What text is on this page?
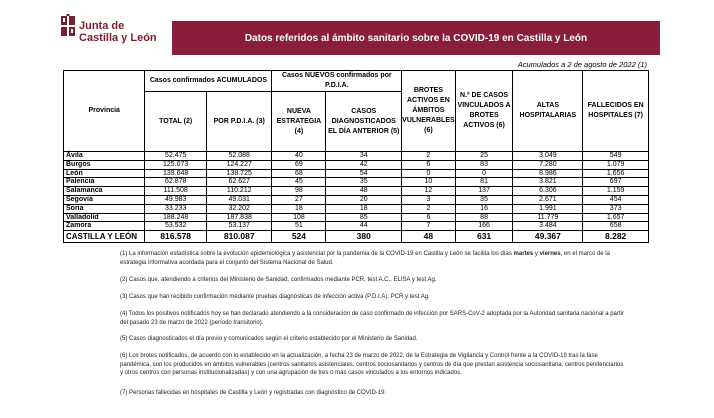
Junta de
Castilla y León	Datos referidos al ámbito sanitario sobre la COVID-19 en Castilla y León
Acumulados a 2 de agosto de 2022 (1)
Provincia	Casos confirmados ACUMULADOS		Casos NUEVOS confirmados por P.D.I.A.		BROTES ACTIVOS EN ÁMBITOS VULNERABLES (6)	N.º DE CASOS VINCULADOS A BROTES ACTIVOS (6)	ALTAS HOSPITALARIAS	FALLECIDOS EN HOSPITALES (7)
	TOTAL (2)	POR P.D.I.A. (3)	NUEVA ESTRATEGIA (4)	CASOS DIAGNOSTICADOS EL DÍA ANTERIOR (5)				
Ávila	52.475	52.088	40	34	2	25	3.049	549
Burgos	125.073	124.227	69	42	6	83	7.280	1.079
León	139.648	138.725	68	54	0	0	8.986	1.656
Palencia	62.878	62.627	45	35	10	81	3.821	697
Salamanca	111.508	110.212	98	48	12	137	6.306	1.159
Segovia	49.983	49.031	27	20	3	35	2.671	454
Soria	33.233	32.202	18	18	2	16	1.991	373
Valladolid	188.248	187.838	108	85	6	88	11.779	1.657
Zamora	53.532	53.137	51	44	7	166	3.484	658
CASTILLA Y LEÓN	816.578	810.087	524	380	48	631	49.367	8.282

(1) La información estadística sobre la evolución epidemiológica y asistencial por la pandemia de la COVID-19 en Castilla y León se facilita los días martes y viernes, en el marco de la estrategia informativa acordada para el conjunto del Sistema Nacional de Salud.

(2) Casos que, atendiendo a criterios del Ministerio de Sanidad, confirmados mediante PCR, test A.C., ELISA y test Ag.

(3) Casos que han recibido confirmación mediante pruebas diagnósticas de infección activa (P.D.I.A): PCR y test Ag.

(4) Todos los positivos notificados hoy se han declarado atendiendo a la consideración de caso confirmado de infección por SARS-CoV-2 adoptada por la Autoridad sanitaria nacional a partir del pasado 23 de marzo de 2022 (período transitorio).

(5) Casos diagnosticados el día previo y comunicados según el criterio establecido por el Ministerio de Sanidad.

(6) Los brotes notificados, de acuerdo con lo establecido en la actualización, a fecha 23 de marzo de 2022, de la Estrategia de Vigilancia y Control frente a la COVID-19 tras la fase pandémica, son los producidos en ámbitos vulnerables (centros sanitarios asistenciales, centros sociosanitarios y centros de día que prestan asistencia sociosanitaria, centros penitenciarios y otros centros con personas institucionalizadas) y con una agrupación de tres o más casos vinculados a los entornos indicados.

(7) Personas fallecidas en hospitales de Castilla y León y registradas con diagnóstico de COVID-19.
